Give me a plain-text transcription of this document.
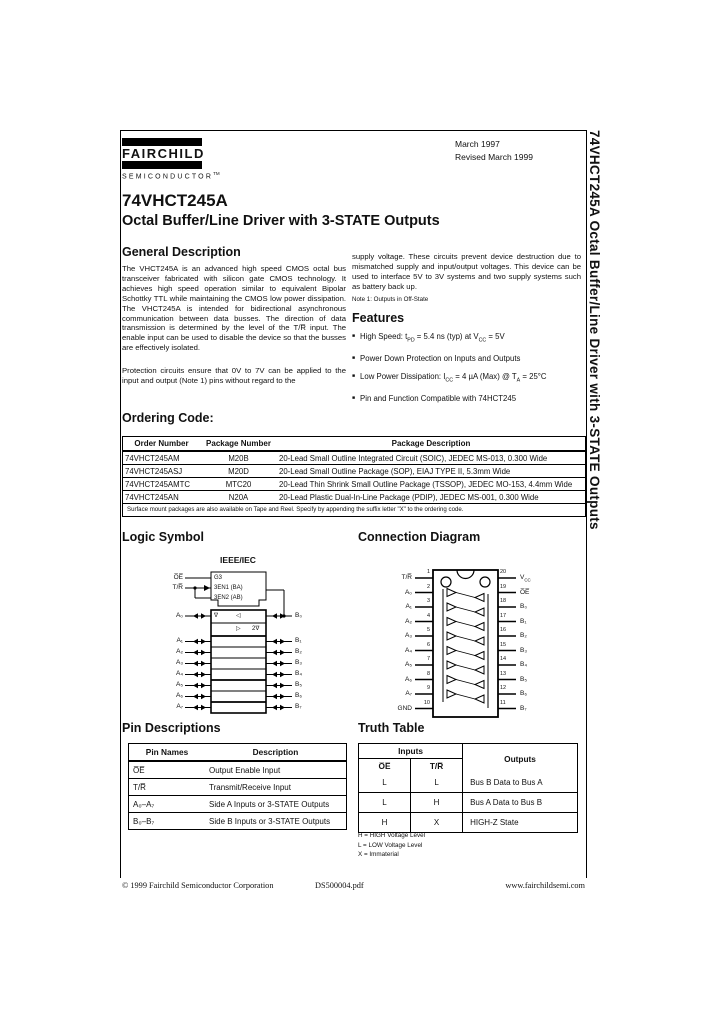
FAIRCHILD
SEMICONDUCTOR™
March 1997
Revised March 1999
74VHCT245A
Octal Buffer/Line Driver with 3-STATE Outputs
General Description
The VHCT245A is an advanced high speed CMOS octal bus transceiver fabricated with silicon gate CMOS technology. It achieves high speed operation similar to equivalent Bipolar Schottky TTL while maintaining the CMOS low power dissipation. The VHCT245A is intended for bidirectional asynchronous communication between data busses. The direction of data transmission is determined by the level of the T/R̅ input. The enable input can be used to disable the device so that the busses are effectively isolated.
Protection circuits ensure that 0V to 7V can be applied to the input and output (Note 1) pins without regard to the
supply voltage. These circuits prevent device destruction due to mismatched supply and input/output voltages. This device can be used to interface 5V to 3V systems and two supply systems such as battery back up.
Note 1: Outputs in Off-State
Features
■ High Speed: $t_{PD} = 5.4$ ns (typ) at $V_{CC} = 5V$
■ Power Down Protection on Inputs and Outputs
■ Low Power Dissipation: $I_{CC} = 4$ µA (Max) @ $T_A = 25^\circ C$
■ Pin and Function Compatible with 74HCT245
Ordering Code:
Order Number	Package Number	Package Description
74VHCT245AM	M20B	20-Lead Small Outline Integrated Circuit (SOIC), JEDEC MS-013, 0.300 Wide
74VHCT245ASJ	M20D	20-Lead Small Outline Package (SOP), EIAJ TYPE II, 5.3mm Wide
74VHCT245AMTC	MTC20	20-Lead Thin Shrink Small Outline Package (TSSOP), JEDEC MO-153, 4.4mm Wide
74VHCT245AN	N20A	20-Lead Plastic Dual-In-Line Package (PDIP), JEDEC MS-001, 0.300 Wide
Surface mount packages are also available on Tape and Reel. Specify by appending the suffix letter "X" to the ordering code.
Logic Symbol
IEEE/IEC
G3
3EN1 (BA)
3EN2 (AB)
∇	◁
▷ 2∇
O̅E̅
T/R̅
A₀
A₁
A₂
A₃
A₄
A₅
A₆
A₇
B₀
B₁
B₂
B₃
B₄
B₅
B₆
B₇
Connection Diagram
1
T/R̅
2
A₀
3
A₁
4
A₂
5
A₃
6
A₄
7
A₅
8
A₆
9
A₇
10
GND
20
$V_{CC}$
19
O̅E̅
18
B₀
17
B₁
16
B₂
15
B₃
14
B₄
13
B₅
12
B₆
11
B₇
Pin Descriptions
Pin Names	Description
O̅E̅	Output Enable Input
T/R̅	Transmit/Receive Input
A₀–A₇	Side A Inputs or 3-STATE Outputs
B₀–B₇	Side B Inputs or 3-STATE Outputs
Truth Table
Inputs		Outputs
O̅E̅	T/R̅	
L	L	Bus B Data to Bus A
L	H	Bus A Data to Bus B
H	X	HIGH-Z State
H = HIGH Voltage Level
L = LOW Voltage Level
X = Immaterial
© 1999 Fairchild Semiconductor Corporation	DS500004.pdf	www.fairchildsemi.com
74VHCT245A Octal Buffer/Line Driver with 3-STATE Outputs
